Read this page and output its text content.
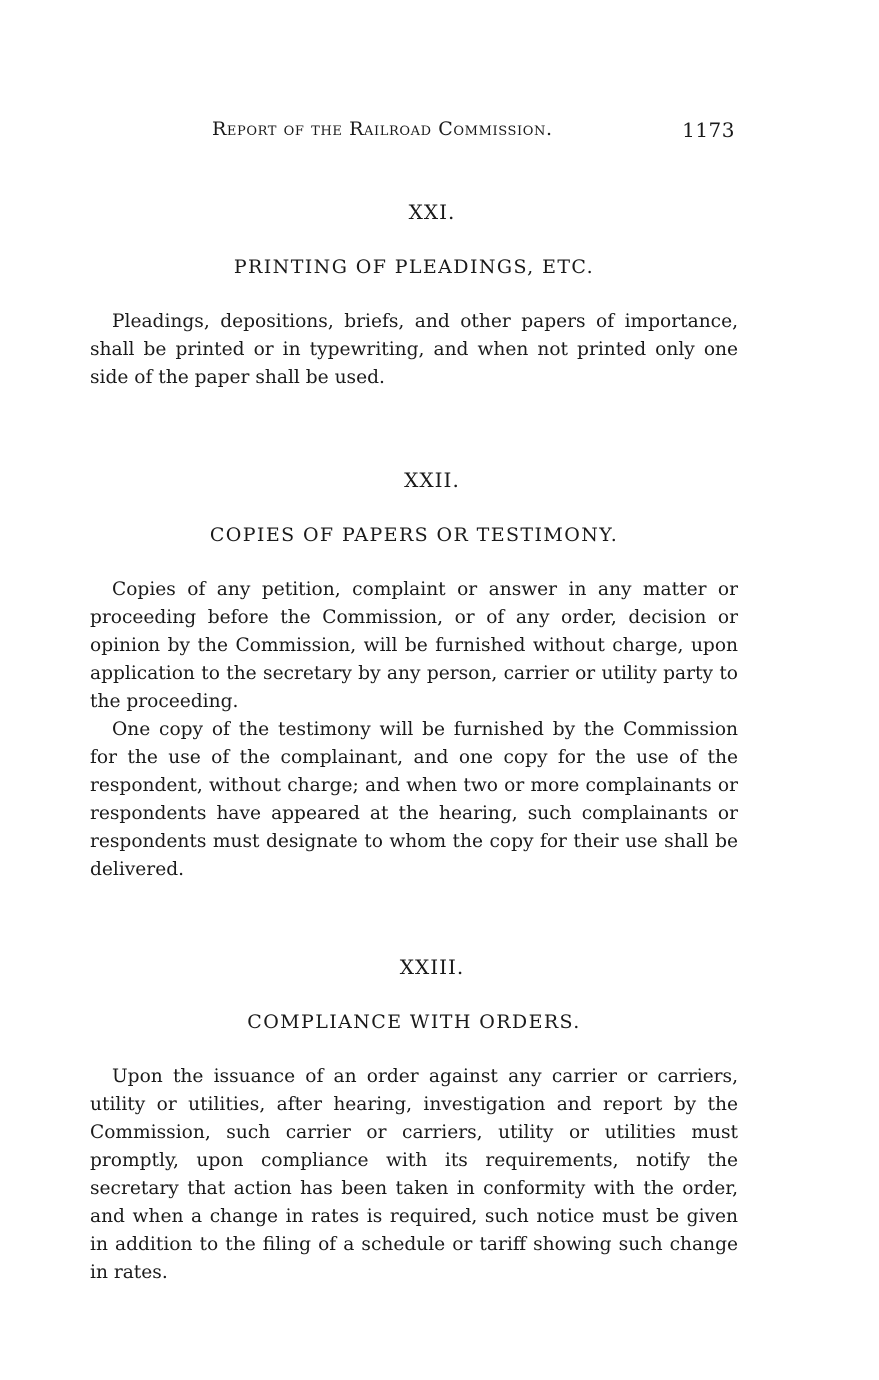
Report of the Railroad Commission.	1173
XXI.
PRINTING OF PLEADINGS, ETC.

Pleadings, depositions, briefs, and other papers of importance, shall be printed or in typewriting, and when not printed only one side of the paper shall be used.

XXII.
COPIES OF PAPERS OR TESTIMONY.

Copies of any petition, complaint or answer in any matter or proceeding before the Commission, or of any order, decision or opinion by the Commission, will be furnished without charge, upon application to the secretary by any person, carrier or utility party to the proceeding.

One copy of the testimony will be furnished by the Commission for the use of the complainant, and one copy for the use of the respondent, without charge; and when two or more complainants or respondents have appeared at the hearing, such complainants or respondents must designate to whom the copy for their use shall be delivered.

XXIII.
COMPLIANCE WITH ORDERS.

Upon the issuance of an order against any carrier or carriers, utility or utilities, after hearing, investigation and report by the Commission, such carrier or carriers, utility or utilities must promptly, upon compliance with its requirements, notify the secretary that action has been taken in conformity with the order, and when a change in rates is required, such notice must be given in addition to the filing of a schedule or tariff showing such change in rates.
